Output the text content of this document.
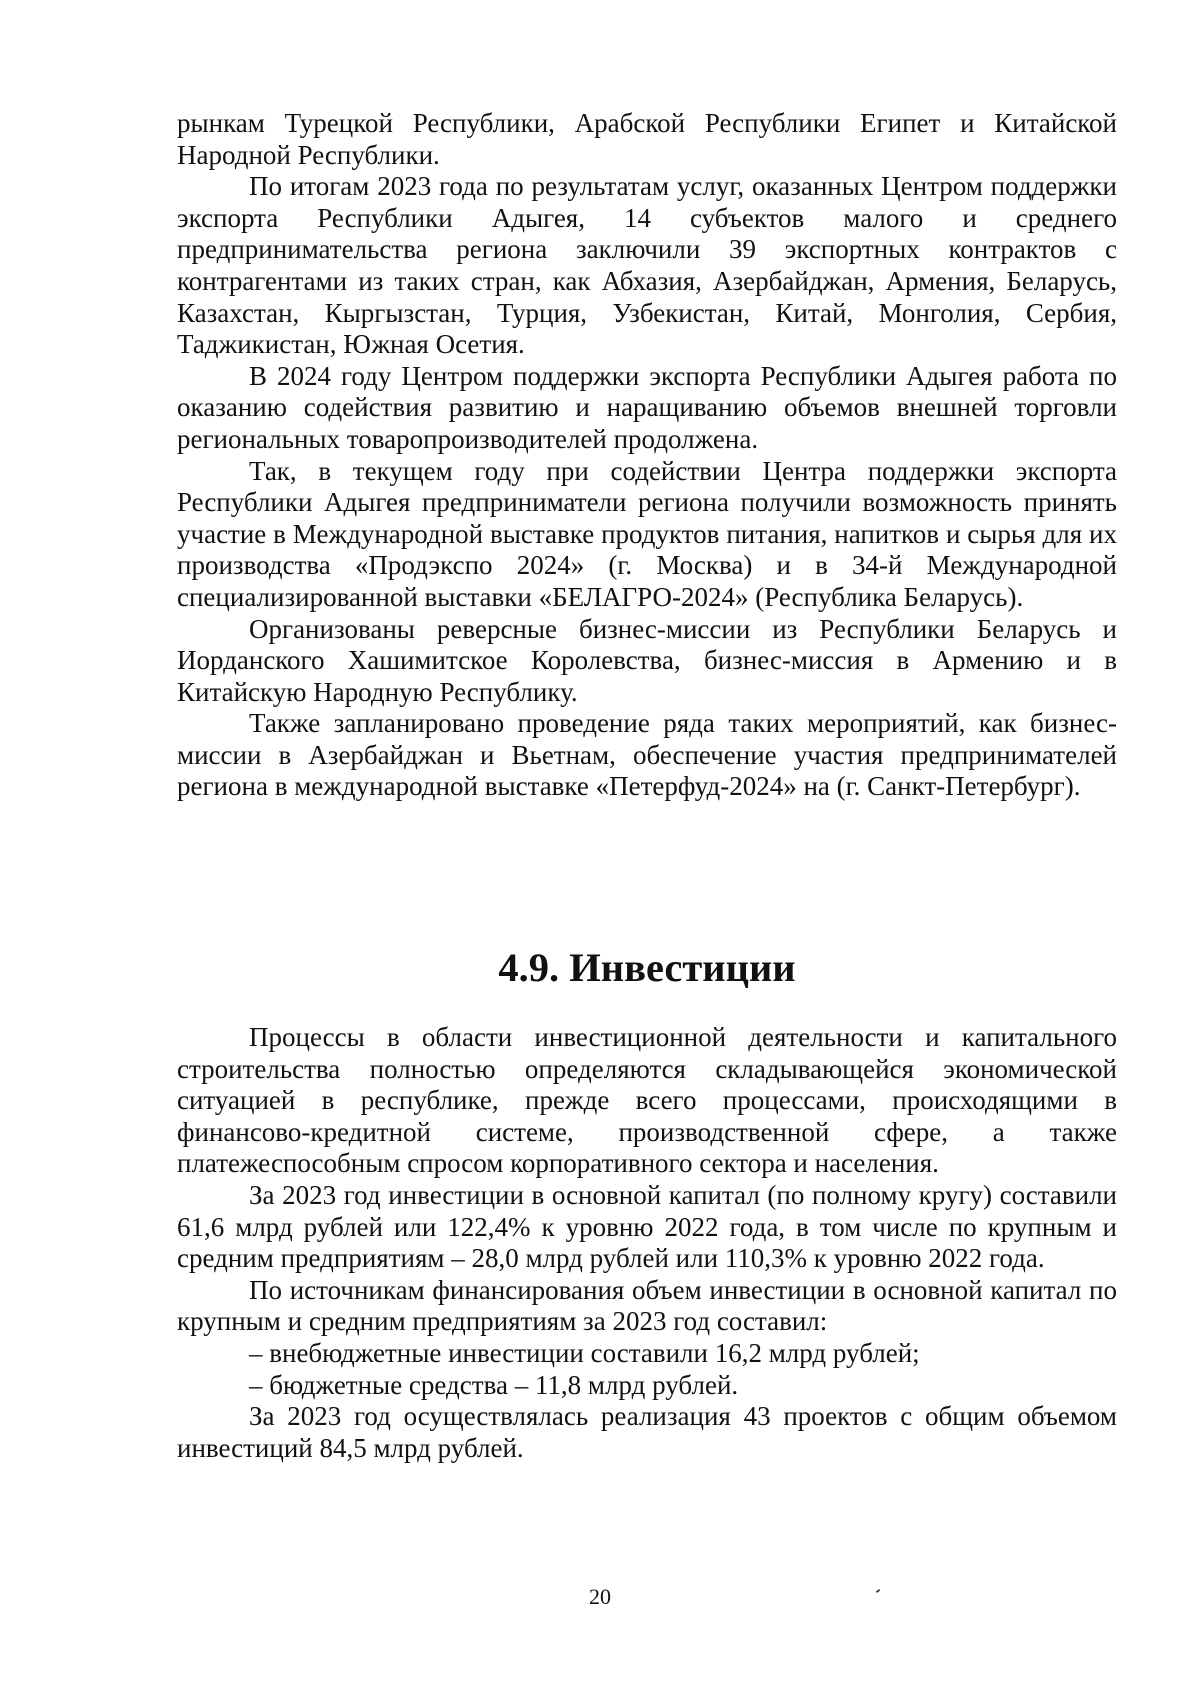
рынкам Турецкой Республики, Арабской Республики Египет и Китайской Народной Республики.

По итогам 2023 года по результатам услуг, оказанных Центром поддержки экспорта Республики Адыгея, 14 субъектов малого и среднего предпринимательства региона заключили 39 экспортных контрактов с контрагентами из таких стран, как Абхазия, Азербайджан, Армения, Беларусь, Казахстан, Кыргызстан, Турция, Узбекистан, Китай, Монголия, Сербия, Таджикистан, Южная Осетия.

В 2024 году Центром поддержки экспорта Республики Адыгея работа по оказанию содействия развитию и наращиванию объемов внешней торговли региональных товаропроизводителей продолжена.

Так, в текущем году при содействии Центра поддержки экспорта Республики Адыгея предприниматели региона получили возможность принять участие в Международной выставке продуктов питания, напитков и сырья для их производства «Продэкспо 2024» (г. Москва) и в 34-й Международной специализированной выставки «БЕЛАГРО-2024» (Республика Беларусь).

Организованы реверсные бизнес-миссии из Республики Беларусь и Иорданского Хашимитское Королевства, бизнес-миссия в Армению и в Китайскую Народную Республику.

Также запланировано проведение ряда таких мероприятий, как бизнес-миссии в Азербайджан и Вьетнам, обеспечение участия предпринимателей региона в международной выставке «Петерфуд-2024» на (г. Санкт-Петербург).

4.9. Инвестиции

Процессы в области инвестиционной деятельности и капитального строительства полностью определяются складывающейся экономической ситуацией в республике, прежде всего процессами, происходящими в финансово-кредитной системе, производственной сфере, а также платежеспособным спросом корпоративного сектора и населения.

За 2023 год инвестиции в основной капитал (по полному кругу) составили 61,6 млрд рублей или 122,4% к уровню 2022 года, в том числе по крупным и средним предприятиям – 28,0 млрд рублей или 110,3% к уровню 2022 года.

По источникам финансирования объем инвестиции в основной капитал по крупным и средним предприятиям за 2023 год составил:

– внебюджетные инвестиции составили 16,2 млрд рублей;

– бюджетные средства – 11,8 млрд рублей.

За 2023 год осуществлялась реализация 43 проектов с общим объемом инвестиций 84,5 млрд рублей.

20
